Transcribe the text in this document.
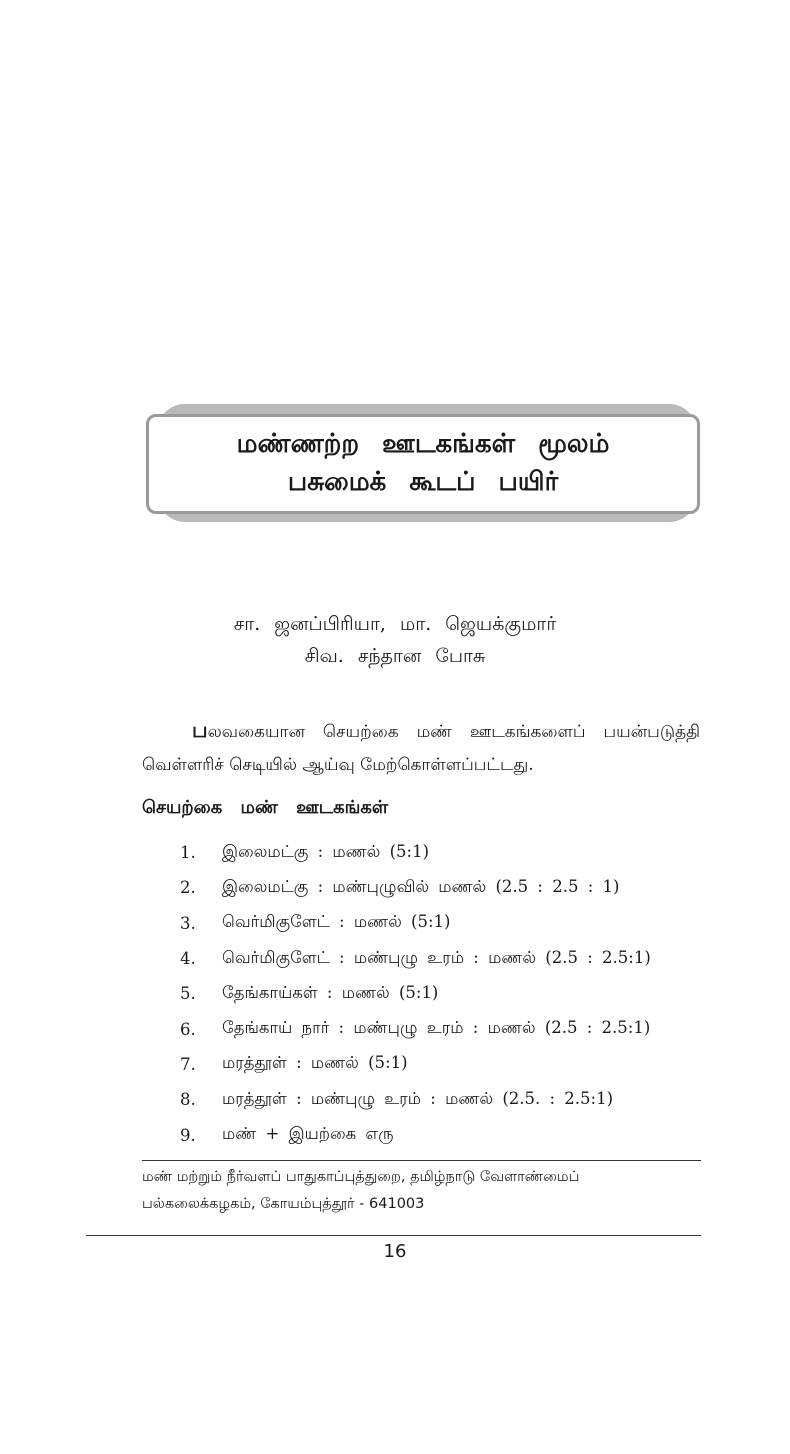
மண்ணற்ற ஊடகங்கள் மூலம்
பசுமைக் கூடப் பயிர்
சா. ஜனப்பிரியா, மா. ஜெயக்குமார்
சிவ. சந்தான போசு
பலவகையான செயற்கை மண் ஊடகங்களைப் பயன்படுத்தி வெள்ளரிச் செடியில் ஆய்வு மேற்கொள்ளப்பட்டது.
செயற்கை மண் ஊடகங்கள்
1.	இலைமட்கு : மணல் (5:1)
2.	இலைமட்கு : மண்புழுவில் மணல் (2.5 : 2.5 : 1)
3.	வெர்மிகுளேட் : மணல் (5:1)
4.	வெர்மிகுளேட் : மண்புழு உரம் : மணல் (2.5 : 2.5:1)
5.	தேங்காய்கள் : மணல் (5:1)
6.	தேங்காய் நார் : மண்புழு உரம் : மணல் (2.5 : 2.5:1)
7.	மரத்தூள் : மணல் (5:1)
8.	மரத்தூள் : மண்புழு உரம் : மணல் (2.5. : 2.5:1)
9.	மண் + இயற்கை எரு
மண் மற்றும் நீர்வளப் பாதுகாப்புத்துறை, தமிழ்நாடு வேளாண்மைப்
பல்கலைக்கழகம், கோயம்புத்தூர் - 641003
16
